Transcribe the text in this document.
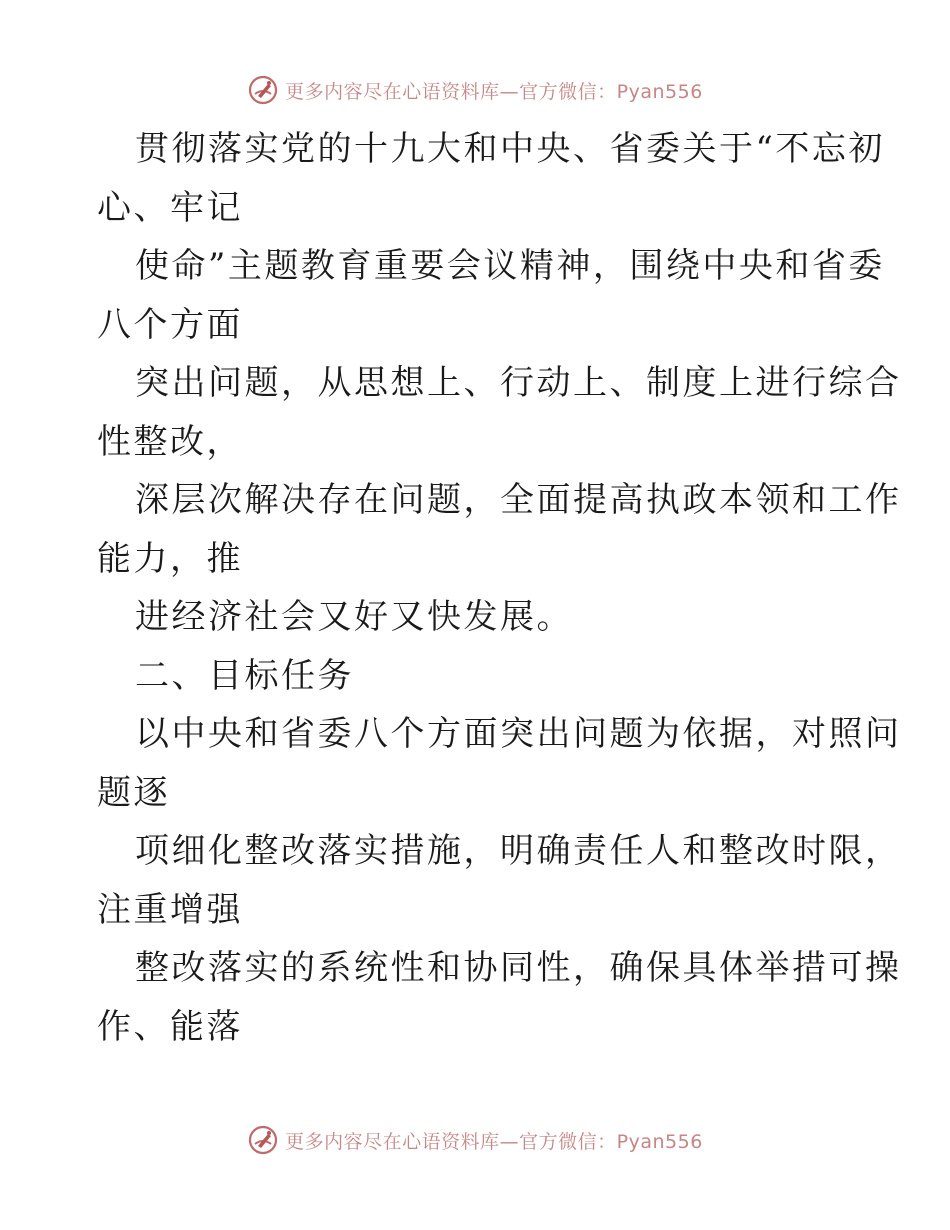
更多内容尽在心语资料库—官方微信：Pyan556
贯彻落实党的十九大和中央、省委关于“不忘初
心、牢记
使命”主题教育重要会议精神，围绕中央和省委
八个方面
突出问题，从思想上、行动上、制度上进行综合
性整改，
深层次解决存在问题，全面提高执政本领和工作
能力，推
进经济社会又好又快发展。
二、目标任务
以中央和省委八个方面突出问题为依据，对照问
题逐
项细化整改落实措施，明确责任人和整改时限，
注重增强
整改落实的系统性和协同性，确保具体举措可操
作、能落
更多内容尽在心语资料库—官方微信：Pyan556
